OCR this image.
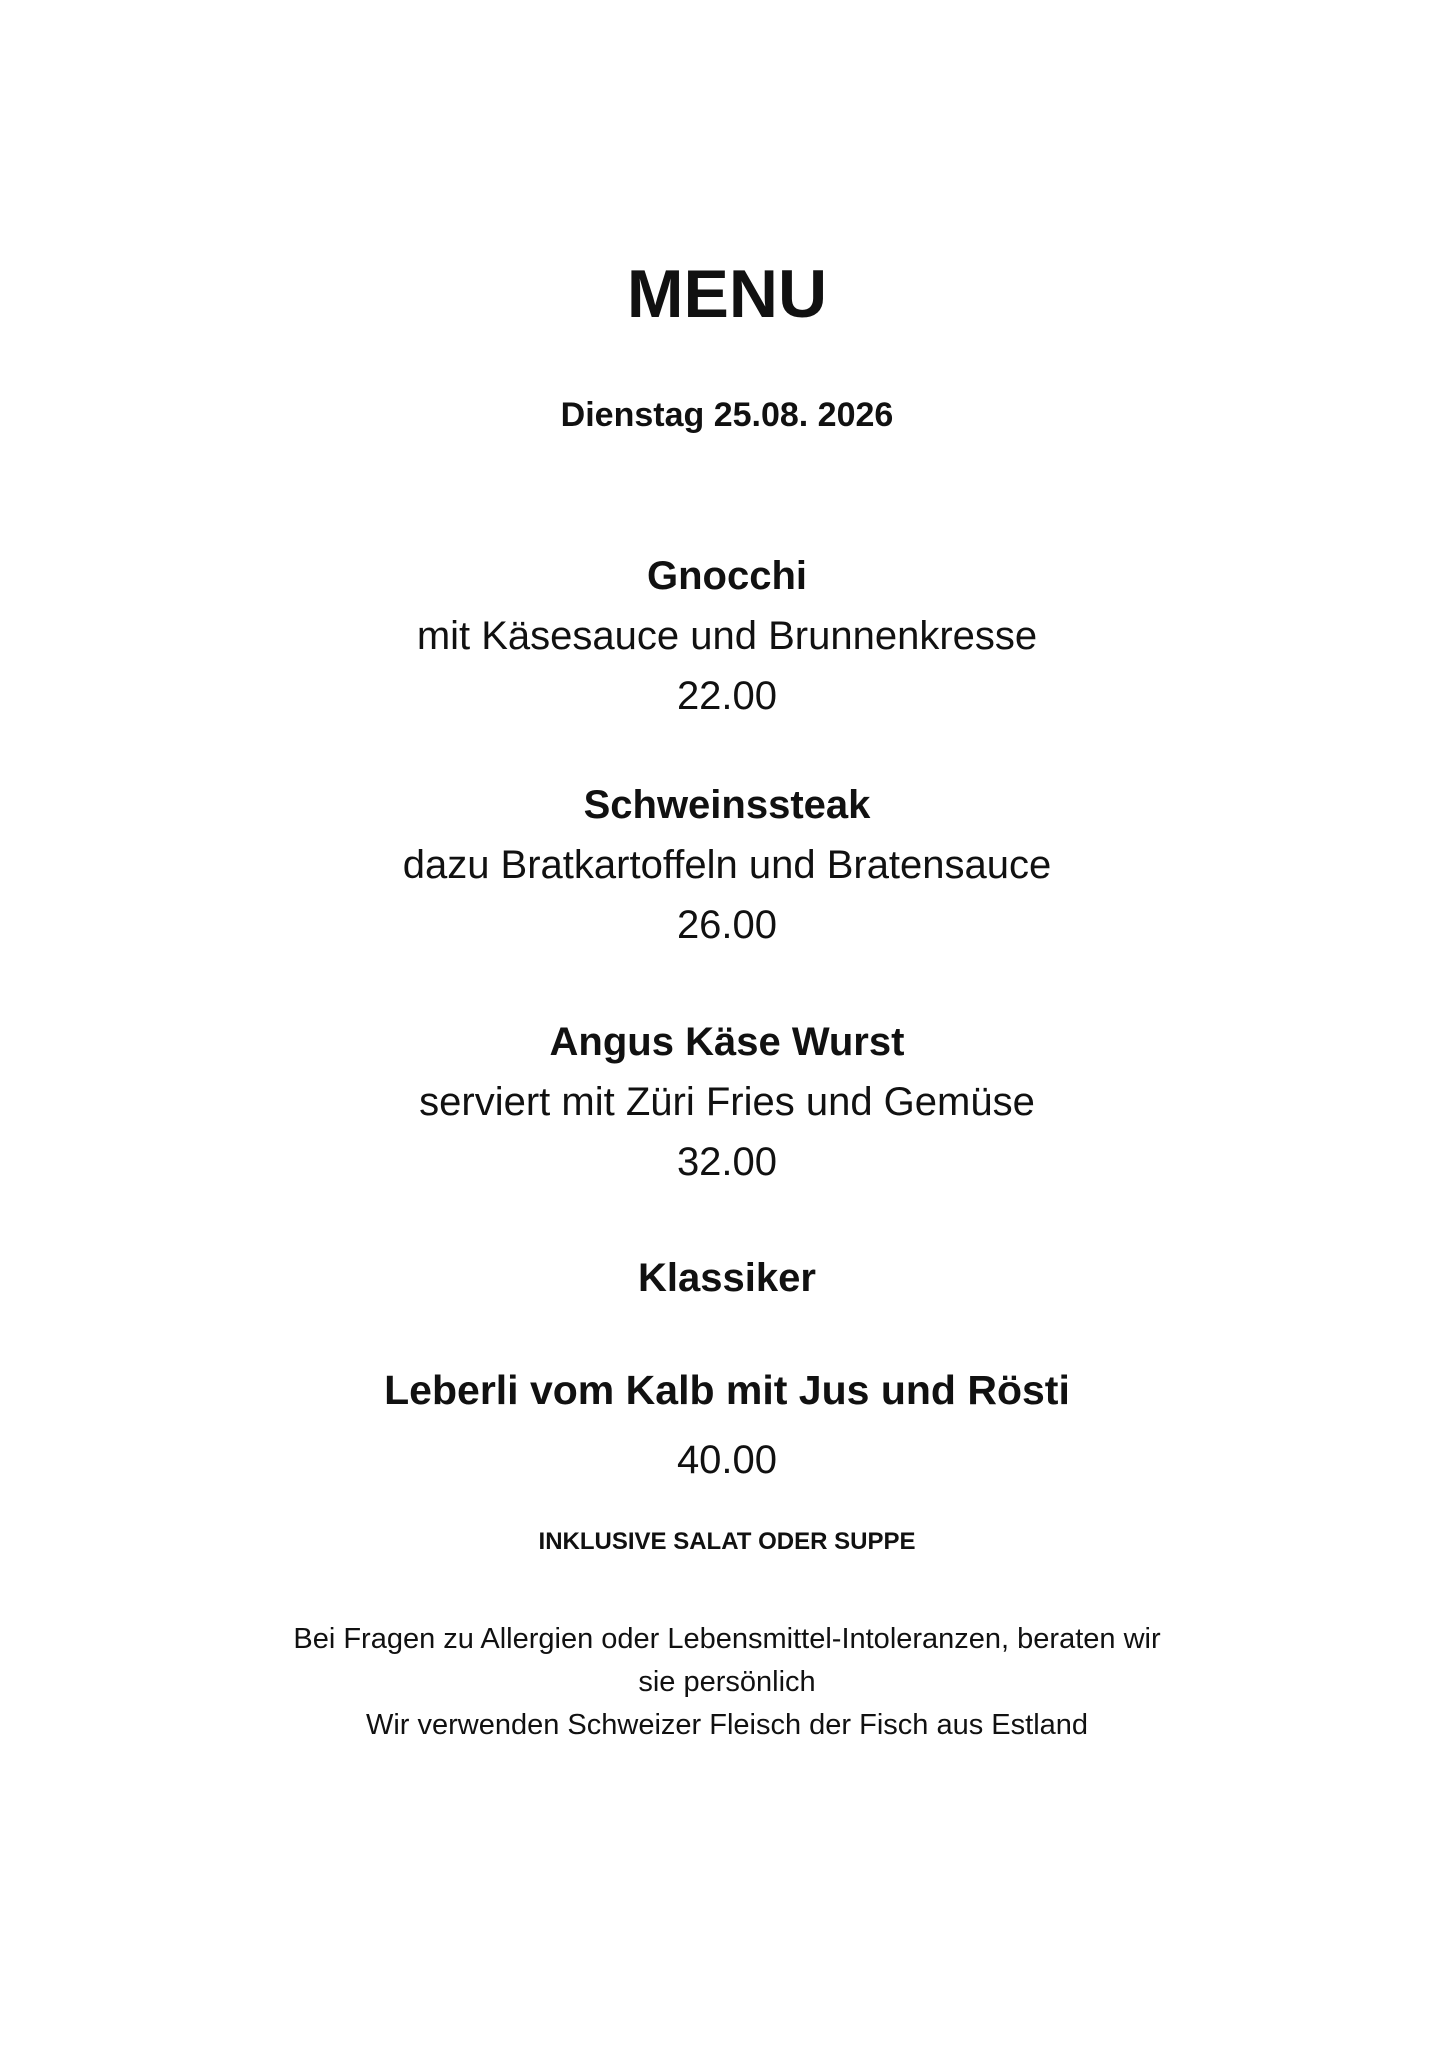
MENU
Dienstag 25.08. 2026
Gnocchi
mit Käsesauce und Brunnenkresse
22.00
Schweinssteak
dazu Bratkartoffeln und Bratensauce
26.00
Angus Käse Wurst
serviert mit Züri Fries und Gemüse
32.00
Klassiker
Leberli vom Kalb mit Jus und Rösti
40.00
INKLUSIVE SALAT ODER SUPPE
Bei Fragen zu Allergien oder Lebensmittel-Intoleranzen, beraten wir
sie persönlich
Wir verwenden Schweizer Fleisch der Fisch aus Estland
